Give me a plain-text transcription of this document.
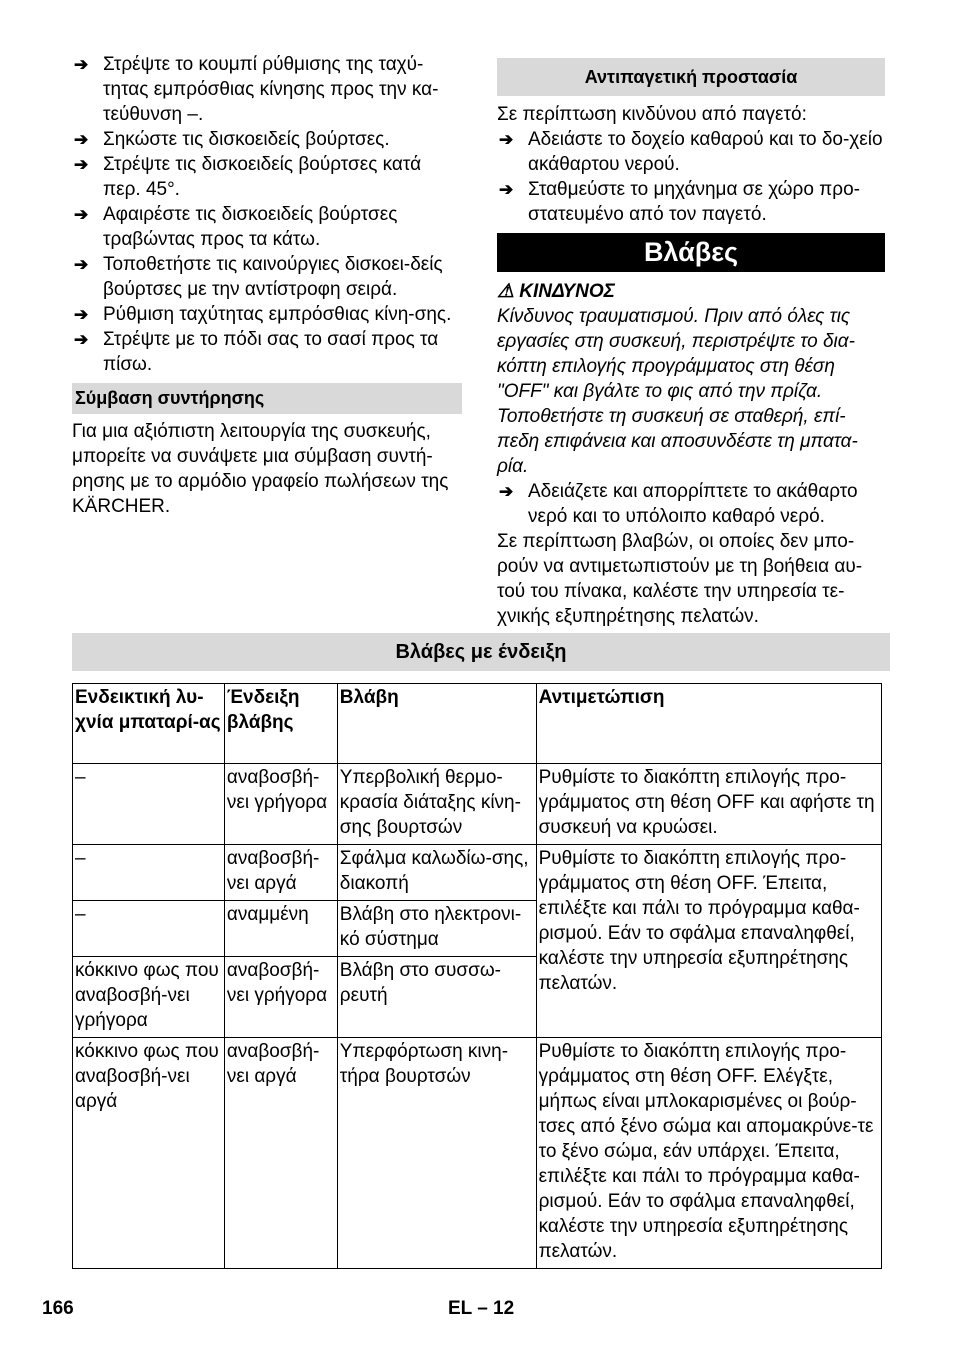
➔ Στρέψτε το κουμπί ρύθμισης της ταχύ-τητας εμπρόσθιας κίνησης προς την κα-τεύθυνση –.
➔ Σηκώστε τις δισκοειδείς βούρτσες.
➔ Στρέψτε τις δισκοειδείς βούρτσες κατά περ. 45°.
➔ Αφαιρέστε τις δισκοειδείς βούρτσες τραβώντας προς τα κάτω.
➔ Τοποθετήστε τις καινούργιες δισκοει-δείς βούρτσες με την αντίστροφη σειρά.
➔ Ρύθμιση ταχύτητας εμπρόσθιας κίνη-σης.
➔ Στρέψτε με το πόδι σας το σασί προς τα πίσω.
Σύμβαση συντήρησης

Για μια αξιόπιστη λειτουργία της συσκευής, μπορείτε να συνάψετε μια σύμβαση συντή-ρησης με το αρμόδιο γραφείο πωλήσεων της KÄRCHER.

Αντιπαγετική προστασία

Σε περίπτωση κινδύνου από παγετό:

➔ Αδειάστε το δοχείο καθαρού και το δο-χείο ακάθαρτου νερού.
➔ Σταθμεύστε το μηχάνημα σε χώρο προ-στατευμένο από τον παγετό.
Βλάβες
⚠ ΚΙΝΔΥΝΟΣ
Κίνδυνος τραυματισμού. Πριν από όλες τις εργασίες στη συσκευή, περιστρέψτε το δια-κόπτη επιλογής προγράμματος στη θέση "OFF" και βγάλτε το φις από την πρίζα. Τοποθετήστε τη συσκευή σε σταθερή, επί-πεδη επιφάνεια και αποσυνδέστε τη μπατα-ρία.
➔ Αδειάζετε και απορρίπτετε το ακάθαρτο νερό και το υπόλοιπο καθαρό νερό.

Σε περίπτωση βλαβών, οι οποίες δεν μπο-ρούν να αντιμετωπιστούν με τη βοήθεια αυ-τού του πίνακα, καλέστε την υπηρεσία τε-χνικής εξυπηρέτησης πελατών.

Βλάβες με ένδειξη
Ενδεικτική λυ-χνία μπαταρί-ας	Ένδειξη βλάβης	Βλάβη	Αντιμετώπιση
–	αναβοσβή-νει γρήγορα	Υπερβολική θερμο-κρασία διάταξης κίνη-σης βουρτσών	Ρυθμίστε το διακόπτη επιλογής προ-γράμματος στη θέση OFF και αφήστε τη συσκευή να κρυώσει.
–	αναβοσβή-νει αργά	Σφάλμα καλωδίω-σης, διακοπή	Ρυθμίστε το διακόπτη επιλογής προ-γράμματος στη θέση OFF. Έπειτα, επιλέξτε και πάλι το πρόγραμμα καθα-ρισμού. Εάν το σφάλμα επαναληφθεί, καλέστε την υπηρεσία εξυπηρέτησης πελατών.
–	αναμμένη	Βλάβη στο ηλεκτρονι-κό σύστημα	
κόκκινο φως που αναβοσβή-νει γρήγορα	αναβοσβή-νει γρήγορα	Βλάβη στο συσσω-ρευτή	
κόκκινο φως που αναβοσβή-νει αργά	αναβοσβή-νει αργά	Υπερφόρτωση κινη-τήρα βουρτσών	Ρυθμίστε το διακόπτη επιλογής προ-γράμματος στη θέση OFF. Ελέγξτε, μήπως είναι μπλοκαρισμένες οι βούρ-τσες από ξένο σώμα και απομακρύνε-τε το ξένο σώμα, εάν υπάρχει. Έπειτα, επιλέξτε και πάλι το πρόγραμμα καθα-ρισμού. Εάν το σφάλμα επαναληφθεί, καλέστε την υπηρεσία εξυπηρέτησης πελατών.
166	EL – 12
